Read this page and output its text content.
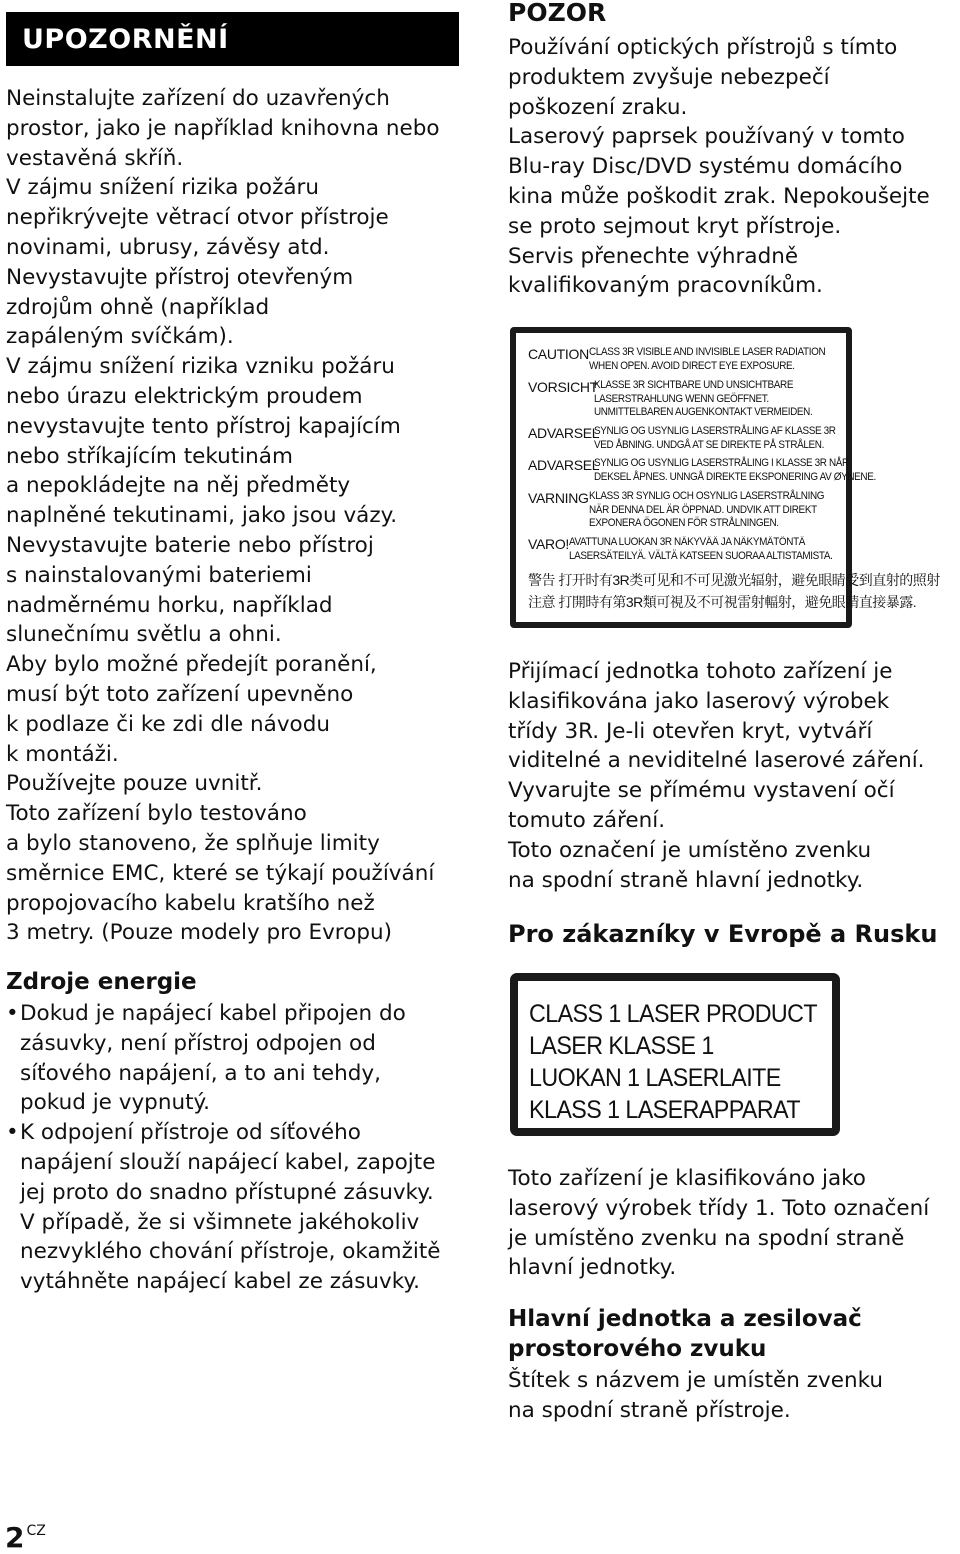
UPOZORNĚNÍ

Neinstalujte zařízení do uzavřených

prostor, jako je například knihovna nebo

vestavěná skříň.

V zájmu snížení rizika požáru

nepřikrývejte větrací otvor přístroje

novinami, ubrusy, závěsy atd.

Nevystavujte přístroj otevřeným

zdrojům ohně (například

zapáleným svíčkám).

V zájmu snížení rizika vzniku požáru

nebo úrazu elektrickým proudem

nevystavujte tento přístroj kapajícím

nebo stříkajícím tekutinám

a nepokládejte na něj předměty

naplněné tekutinami, jako jsou vázy.

Nevystavujte baterie nebo přístroj

s nainstalovanými bateriemi

nadměrnému horku, například

slunečnímu světlu a ohni.

Aby bylo možné předejít poranění,

musí být toto zařízení upevněno

k podlaze či ke zdi dle návodu

k montáži.

Používejte pouze uvnitř.

Toto zařízení bylo testováno

a bylo stanoveno, že splňuje limity

směrnice EMC, které se týkají používání

propojovacího kabelu kratšího než

3 metry. (Pouze modely pro Evropu)

Zdroje energie
• Dokud je napájecí kabel připojen do
zásuvky, není přístroj odpojen od
síťového napájení, a to ani tehdy,
pokud je vypnutý.
• K odpojení přístroje od síťového
napájení slouží napájecí kabel, zapojte
jej proto do snadno přístupné zásuvky.
V případě, že si všimnete jakéhokoliv
nezvyklého chování přístroje, okamžitě
vytáhněte napájecí kabel ze zásuvky.
POZOR

Používání optických přístrojů s tímto

produktem zvyšuje nebezpečí

poškození zraku.

Laserový paprsek používaný v tomto

Blu-ray Disc/DVD systému domácího

kina může poškodit zrak. Nepokoušejte

se proto sejmout kryt přístroje.

Servis přenechte výhradně

kvalifikovaným pracovníkům.

CAUTION CLASS 3R VISIBLE AND INVISIBLE LASER RADIATION
WHEN OPEN. AVOID DIRECT EYE EXPOSURE.
VORSICHT
KLASSE 3R SICHTBARE UND UNSICHTBARE
LASERSTRAHLUNG WENN GEÖFFNET.
UNMITTELBAREN AUGENKONTAKT VERMEIDEN.
ADVARSEL
SYNLIG OG USYNLIG LASERSTRÅLING AF KLASSE 3R
VED ÅBNING. UNDGÅ AT SE DIREKTE PÅ STRÅLEN.
ADVARSEL
SYNLIG OG USYNLIG LASERSTRÅLING I KLASSE 3R NÅR
DEKSEL ÅPNES. UNNGÅ DIREKTE EKSPONERING AV ØYNENE.
VARNING KLASS 3R SYNLIG OCH OSYNLIG LASERSTRÅLNING
NÄR DENNA DEL ÄR ÖPPNAD. UNDVIK ATT DIREKT
EXPONERA ÖGONEN FÖR STRÅLNINGEN.
VARO! AVATTUNA LUOKAN 3R NÄKYVÄÄ JA NÄKYMÄTÖNTÄ
LASERSÄTEILYÄ. VÄLTÄ KATSEEN SUORAA ALTISTAMISTA.
警告 打开时有3R类可见和不可见激光辐射，避免眼睛受到直射的照射
注意 打開時有第3R類可視及不可視雷射輻射，避免眼睛直接暴露.

Přijímací jednotka tohoto zařízení je

klasifikována jako laserový výrobek

třídy 3R. Je-li otevřen kryt, vytváří

viditelné a neviditelné laserové záření.

Vyvarujte se přímému vystavení očí

tomuto záření.

Toto označení je umístěno zvenku

na spodní straně hlavní jednotky.

Pro zákazníky v Evropě a Rusku
CLASS 1 LASER PRODUCT
LASER KLASSE 1
LUOKAN 1 LASERLAITE
KLASS 1 LASERAPPARAT

Toto zařízení je klasifikováno jako

laserový výrobek třídy 1. Toto označení

je umístěno zvenku na spodní straně

hlavní jednotky.

Hlavní jednotka a zesilovač
prostorového zvuku

Štítek s názvem je umístěn zvenku

na spodní straně přístroje.

2 $^{CZ}$
